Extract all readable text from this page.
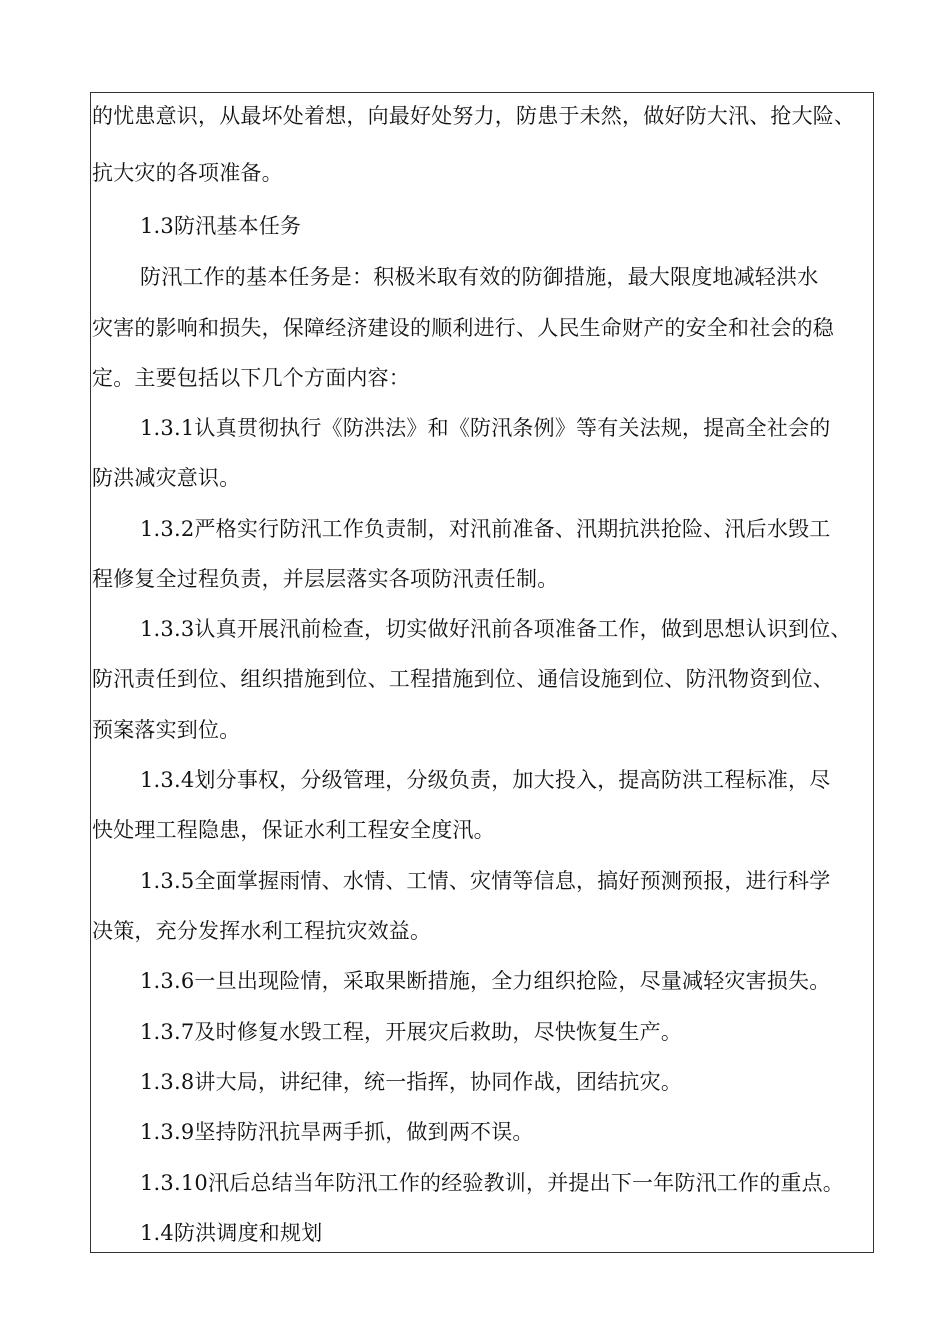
的忧患意识，从最坏处着想，向最好处努力，防患于未然，做好防大汛、抢大险、
抗大灾的各项准备。
1.3防汛基本任务
防汛工作的基本任务是：积极米取有效的防御措施，最大限度地减轻洪水
灾害的影响和损失，保障经济建设的顺利进行、人民生命财产的安全和社会的稳
定。主要包括以下几个方面内容：
1.3.1认真贯彻执行《防洪法》和《防汛条例》等有关法规，提高全社会的
防洪减灾意识。
1.3.2严格实行防汛工作负责制，对汛前准备、汛期抗洪抢险、汛后水毁工
程修复全过程负责，并层层落实各项防汛责任制。
1.3.3认真开展汛前检查，切实做好汛前各项准备工作，做到思想认识到位、
防汛责任到位、组织措施到位、工程措施到位、通信设施到位、防汛物资到位、
预案落实到位。
1.3.4划分事权，分级管理，分级负责，加大投入，提高防洪工程标准，尽
快处理工程隐患，保证水利工程安全度汛。
1.3.5全面掌握雨情、水情、工情、灾情等信息，搞好预测预报，进行科学
决策，充分发挥水利工程抗灾效益。
1.3.6一旦出现险情，采取果断措施，全力组织抢险，尽量减轻灾害损失。
1.3.7及时修复水毁工程，开展灾后救助，尽快恢复生产。
1.3.8讲大局，讲纪律，统一指挥，协同作战，团结抗灾。
1.3.9坚持防汛抗旱两手抓，做到两不误。
1.3.10汛后总结当年防汛工作的经验教训，并提出下一年防汛工作的重点。
1.4防洪调度和规划
